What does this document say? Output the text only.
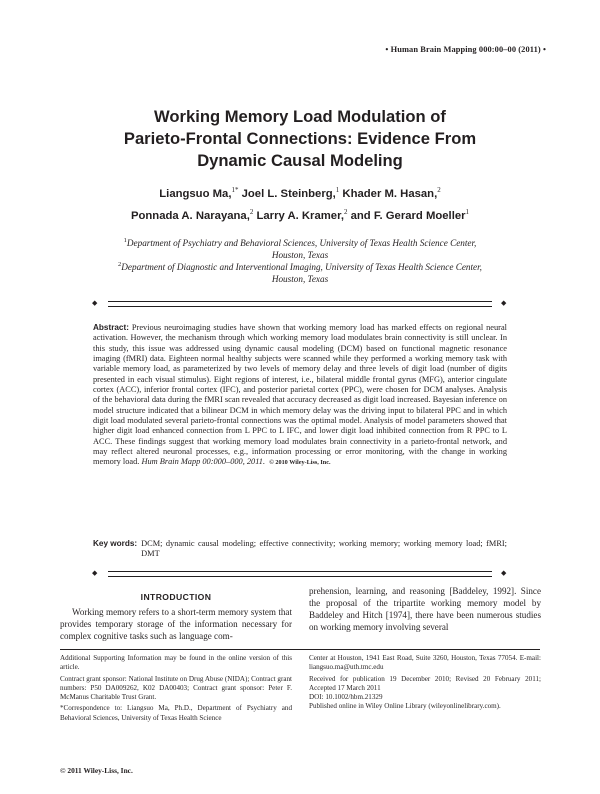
• Human Brain Mapping 000:00–00 (2011) •
Working Memory Load Modulation of
Parieto-Frontal Connections: Evidence From
Dynamic Causal Modeling
Liangsuo Ma,$^{1*}$ Joel L. Steinberg,$^1$ Khader M. Hasan,$^2$
Ponnada A. Narayana,$^2$ Larry A. Kramer,$^2$ and F. Gerard Moeller$^1$
$^1$Department of Psychiatry and Behavioral Sciences, University of Texas Health Science Center,
Houston, Texas
$^2$Department of Diagnostic and Interventional Imaging, University of Texas Health Science Center,
Houston, Texas
◆	◆
Abstract: Previous neuroimaging studies have shown that working memory load has marked effects on regional neural activation. However, the mechanism through which working memory load modulates brain connectivity is still unclear. In this study, this issue was addressed using dynamic causal modeling (DCM) based on functional magnetic resonance imaging (fMRI) data. Eighteen normal healthy subjects were scanned while they performed a working memory task with variable memory load, as parameterized by two levels of memory delay and three levels of digit load (number of digits presented in each visual stimulus). Eight regions of interest, i.e., bilateral middle frontal gyrus (MFG), anterior cingulate cortex (ACC), inferior frontal cortex (IFC), and posterior parietal cortex (PPC), were chosen for DCM analyses. Analysis of the behavioral data during the fMRI scan revealed that accuracy decreased as digit load increased. Bayesian inference on model structure indicated that a bilinear DCM in which memory delay was the driving input to bilateral PPC and in which digit load modulated several parieto-frontal connections was the optimal model. Analysis of model parameters showed that higher digit load enhanced connection from L PPC to L IFC, and lower digit load inhibited connection from R PPC to L ACC. These findings suggest that working memory load modulates brain connectivity in a parieto-frontal network, and may reflect altered neuronal processes, e.g., information processing or error monitoring, with the change in working memory load. Hum Brain Mapp 00:000–000, 2011. © 2010 Wiley-Liss, Inc.
Key words: DCM; dynamic causal modeling; effective connectivity; working memory; working memory load; fMRI; DMT
◆	◆
INTRODUCTION

Working memory refers to a short-term memory system that provides temporary storage of the information necessary for complex cognitive tasks such as language com-

prehension, learning, and reasoning [Baddeley, 1992]. Since the proposal of the tripartite working memory model by Baddeley and Hitch [1974], there have been numerous studies on working memory involving several

Additional Supporting Information may be found in the online version of this article.

Contract grant sponsor: National Institute on Drug Abuse (NIDA); Contract grant numbers: P50 DA009262, K02 DA00403; Contract grant sponsor: Peter F. McManus Charitable Trust Grant.

*Correspondence to: Liangsuo Ma, Ph.D., Department of Psychiatry and Behavioral Sciences, University of Texas Health Science

Center at Houston, 1941 East Road, Suite 3260, Houston, Texas 77054. E-mail: liangsuo.ma@uth.tmc.edu

Received for publication 19 December 2010; Revised 20 February 2011; Accepted 17 March 2011

DOI: 10.1002/hbm.21329

Published online in Wiley Online Library (wileyonlinelibrary.com).

© 2011 Wiley-Liss, Inc.
